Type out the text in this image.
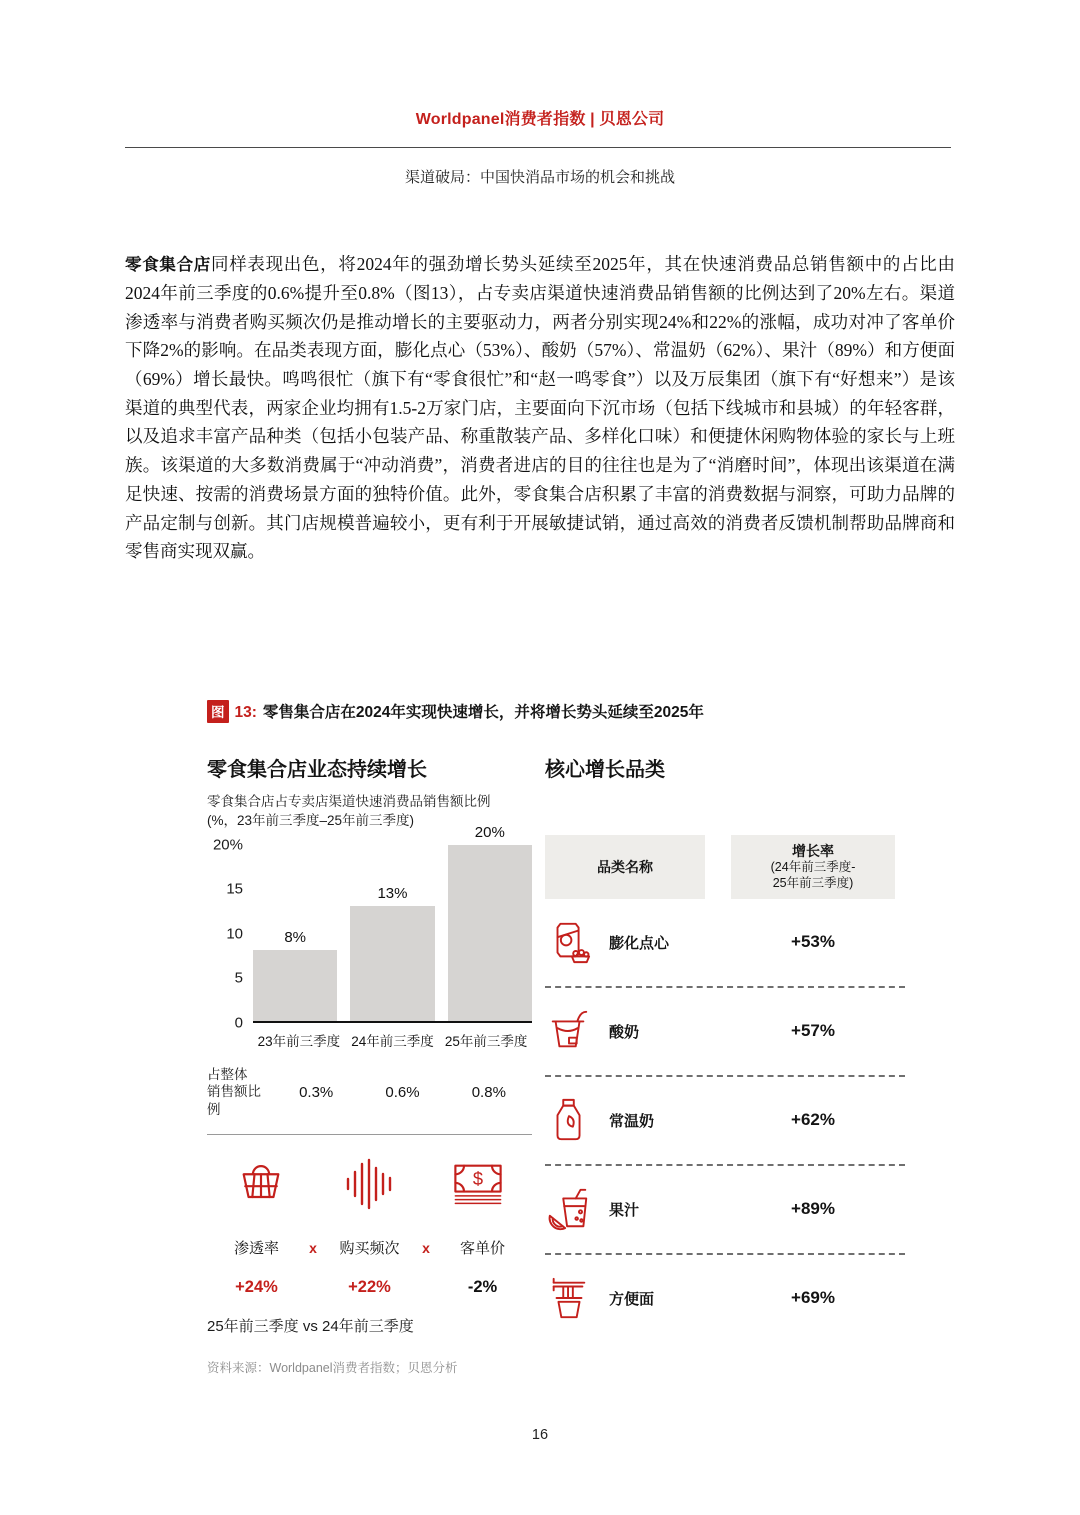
Worldpanel消费者指数 | 贝恩公司
渠道破局：中国快消品市场的机会和挑战

零食集合店同样表现出色，将2024年的强劲增长势头延续至2025年，其在快速消费品总销售额中的占比由2024年前三季度的0.6%提升至0.8%（图13），占专卖店渠道快速消费品销售额的比例达到了20%左右。渠道渗透率与消费者购买频次仍是推动增长的主要驱动力，两者分别实现24%和22%的涨幅，成功对冲了客单价下降2%的影响。在品类表现方面，膨化点心（53%）、酸奶（57%）、常温奶（62%）、果汁（89%）和方便面（69%）增长最快。鸣鸣很忙（旗下有“零食很忙”和“赵一鸣零食”）以及万辰集团（旗下有“好想来”）是该渠道的典型代表，两家企业均拥有1.5-2万家门店，主要面向下沉市场（包括下线城市和县城）的年轻客群，以及追求丰富产品种类（包括小包装产品、称重散装产品、多样化口味）和便捷休闲购物体验的家长与上班族。该渠道的大多数消费属于“冲动消费”，消费者进店的目的往往也是为了“消磨时间”，体现出该渠道在满足快速、按需的消费场景方面的独特价值。此外，零食集合店积累了丰富的消费数据与洞察，可助力品牌的产品定制与创新。其门店规模普遍较小，更有利于开展敏捷试销，通过高效的消费者反馈机制帮助品牌商和零售商实现双赢。

图 13: 零售集合店在2024年实现快速增长，并将增长势头延续至2025年
零食集合店业态持续增长
零食集合店占专卖店渠道快速消费品销售额比例
(%，23年前三季度–25年前三季度)
20%
15
10
5
0
8%
13%
20%
23年前三季度 24年前三季度 25年前三季度
占整体
销售额比例
0.3%	0.6%	0.8%
$
渗透率	x	购买频次	x	客单价
+24%	+22%	-2%
25年前三季度 vs 24年前三季度
资料来源：Worldpanel消费者指数；贝恩分析
核心增长品类
品类名称
增长率
(24年前三季度-
25年前三季度)
膨化点心	+53%
酸奶	+57%
常温奶	+62%
果汁	+89%
方便面	+69%
16
